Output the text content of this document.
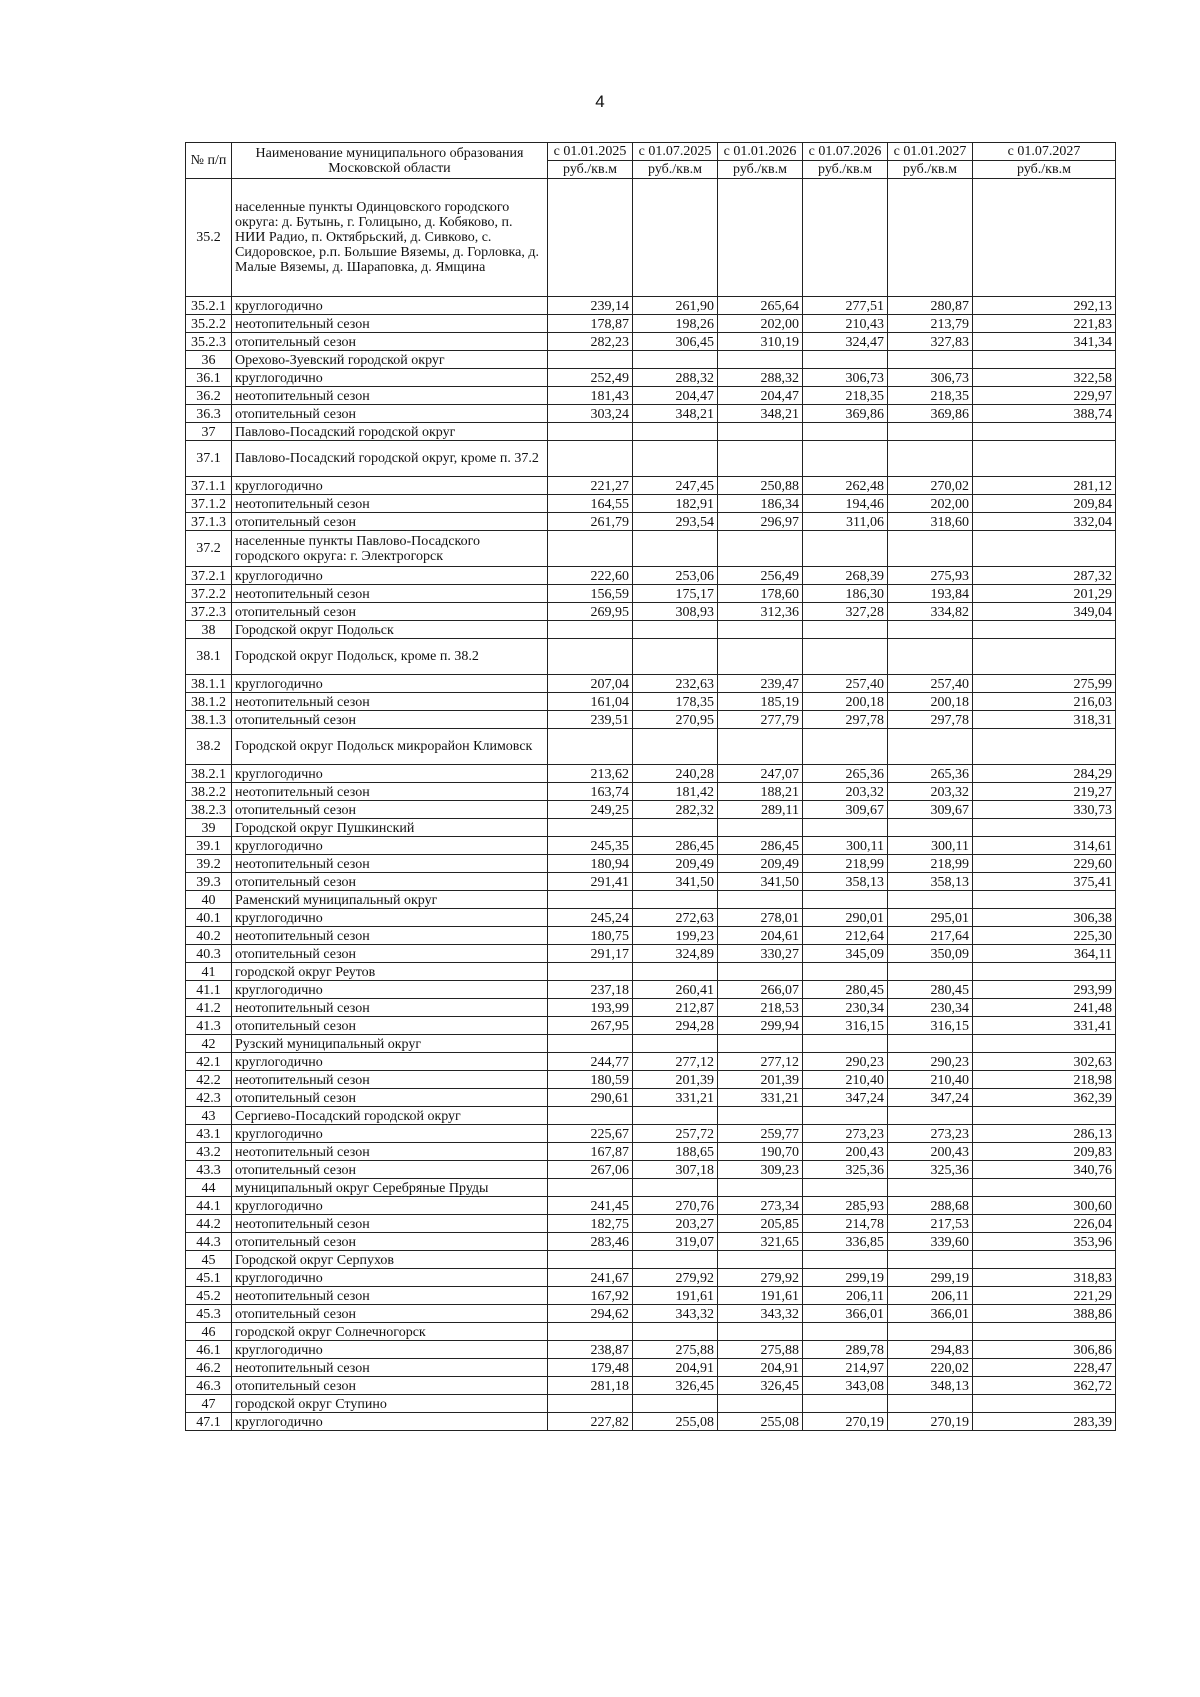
4
№ п/п	Наименование муниципального образования Московской области	с 01.01.2025	с 01.07.2025	с 01.01.2026	с 01.07.2026	с 01.01.2027	с 01.07.2027
		руб./кв.м	руб./кв.м	руб./кв.м	руб./кв.м	руб./кв.м	руб./кв.м
35.2	населенные пункты Одинцовского городского округа: д. Бутынь, г. Голицыно, д. Кобяково, п. НИИ Радио, п. Октябрьский, д. Сивково, с. Сидоровское, р.п. Большие Вяземы, д. Горловка, д. Малые Вяземы, д. Шараповка, д. Ямщина						
35.2.1	круглогодично	239,14	261,90	265,64	277,51	280,87	292,13
35.2.2	неотопительный сезон	178,87	198,26	202,00	210,43	213,79	221,83
35.2.3	отопительный сезон	282,23	306,45	310,19	324,47	327,83	341,34
36	Орехово-Зуевский городской округ						
36.1	круглогодично	252,49	288,32	288,32	306,73	306,73	322,58
36.2	неотопительный сезон	181,43	204,47	204,47	218,35	218,35	229,97
36.3	отопительный сезон	303,24	348,21	348,21	369,86	369,86	388,74
37	Павлово-Посадский городской округ						
37.1	Павлово-Посадский городской округ, кроме п. 37.2						
37.1.1	круглогодично	221,27	247,45	250,88	262,48	270,02	281,12
37.1.2	неотопительный сезон	164,55	182,91	186,34	194,46	202,00	209,84
37.1.3	отопительный сезон	261,79	293,54	296,97	311,06	318,60	332,04
37.2	населенные пункты Павлово-Посадского городского округа: г. Электрогорск						
37.2.1	круглогодично	222,60	253,06	256,49	268,39	275,93	287,32
37.2.2	неотопительный сезон	156,59	175,17	178,60	186,30	193,84	201,29
37.2.3	отопительный сезон	269,95	308,93	312,36	327,28	334,82	349,04
38	Городской округ Подольск						
38.1	Городской округ Подольск, кроме п. 38.2						
38.1.1	круглогодично	207,04	232,63	239,47	257,40	257,40	275,99
38.1.2	неотопительный сезон	161,04	178,35	185,19	200,18	200,18	216,03
38.1.3	отопительный сезон	239,51	270,95	277,79	297,78	297,78	318,31
38.2	Городской округ Подольск микрорайон Климовск						
38.2.1	круглогодично	213,62	240,28	247,07	265,36	265,36	284,29
38.2.2	неотопительный сезон	163,74	181,42	188,21	203,32	203,32	219,27
38.2.3	отопительный сезон	249,25	282,32	289,11	309,67	309,67	330,73
39	Городской округ Пушкинский						
39.1	круглогодично	245,35	286,45	286,45	300,11	300,11	314,61
39.2	неотопительный сезон	180,94	209,49	209,49	218,99	218,99	229,60
39.3	отопительный сезон	291,41	341,50	341,50	358,13	358,13	375,41
40	Раменский муниципальный округ						
40.1	круглогодично	245,24	272,63	278,01	290,01	295,01	306,38
40.2	неотопительный сезон	180,75	199,23	204,61	212,64	217,64	225,30
40.3	отопительный сезон	291,17	324,89	330,27	345,09	350,09	364,11
41	городской округ Реутов						
41.1	круглогодично	237,18	260,41	266,07	280,45	280,45	293,99
41.2	неотопительный сезон	193,99	212,87	218,53	230,34	230,34	241,48
41.3	отопительный сезон	267,95	294,28	299,94	316,15	316,15	331,41
42	Рузский муниципальный округ						
42.1	круглогодично	244,77	277,12	277,12	290,23	290,23	302,63
42.2	неотопительный сезон	180,59	201,39	201,39	210,40	210,40	218,98
42.3	отопительный сезон	290,61	331,21	331,21	347,24	347,24	362,39
43	Сергиево-Посадский городской округ						
43.1	круглогодично	225,67	257,72	259,77	273,23	273,23	286,13
43.2	неотопительный сезон	167,87	188,65	190,70	200,43	200,43	209,83
43.3	отопительный сезон	267,06	307,18	309,23	325,36	325,36	340,76
44	муниципальный округ Серебряные Пруды						
44.1	круглогодично	241,45	270,76	273,34	285,93	288,68	300,60
44.2	неотопительный сезон	182,75	203,27	205,85	214,78	217,53	226,04
44.3	отопительный сезон	283,46	319,07	321,65	336,85	339,60	353,96
45	Городской округ Серпухов						
45.1	круглогодично	241,67	279,92	279,92	299,19	299,19	318,83
45.2	неотопительный сезон	167,92	191,61	191,61	206,11	206,11	221,29
45.3	отопительный сезон	294,62	343,32	343,32	366,01	366,01	388,86
46	городской округ Солнечногорск						
46.1	круглогодично	238,87	275,88	275,88	289,78	294,83	306,86
46.2	неотопительный сезон	179,48	204,91	204,91	214,97	220,02	228,47
46.3	отопительный сезон	281,18	326,45	326,45	343,08	348,13	362,72
47	городской округ Ступино						
47.1	круглогодично	227,82	255,08	255,08	270,19	270,19	283,39
